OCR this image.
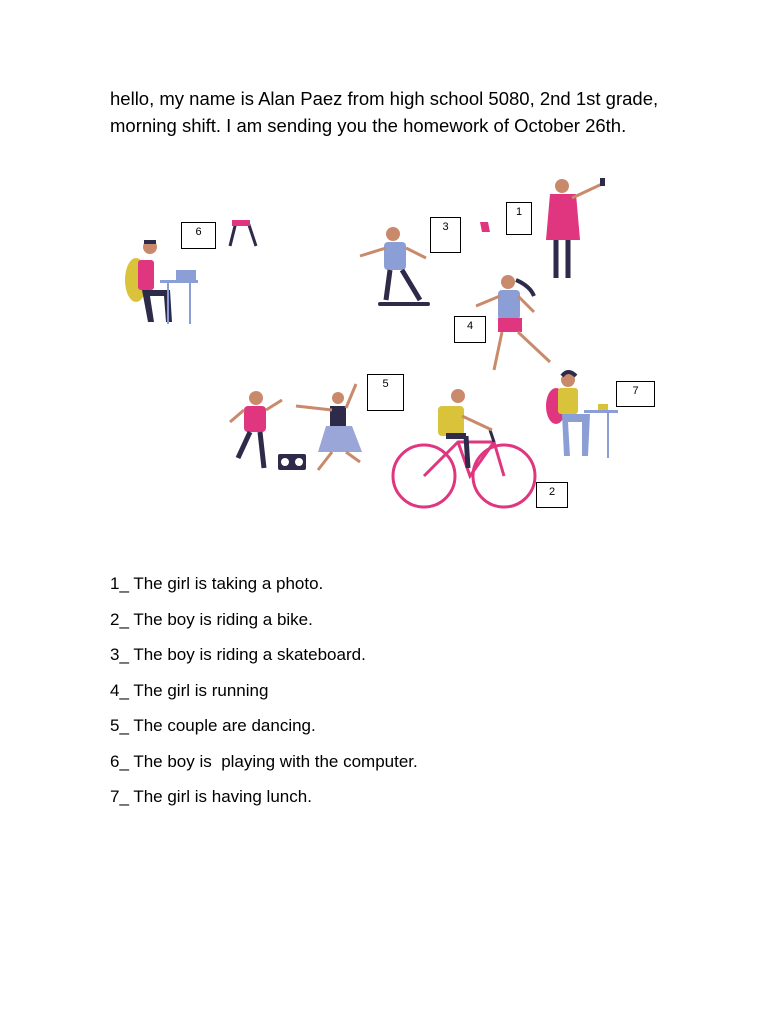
hello, my name is Alan Paez from high school 5080, 2nd 1st grade, morning shift. I am sending you the homework of October 26th.

1
2
3
4
5
6
7
1_ The girl is taking a photo.
2_ The boy is riding a bike.
3_ The boy is riding a skateboard.
4_ The girl is running
5_ The couple are dancing.
6_ The boy is  playing with the computer.
7_ The girl is having lunch.
